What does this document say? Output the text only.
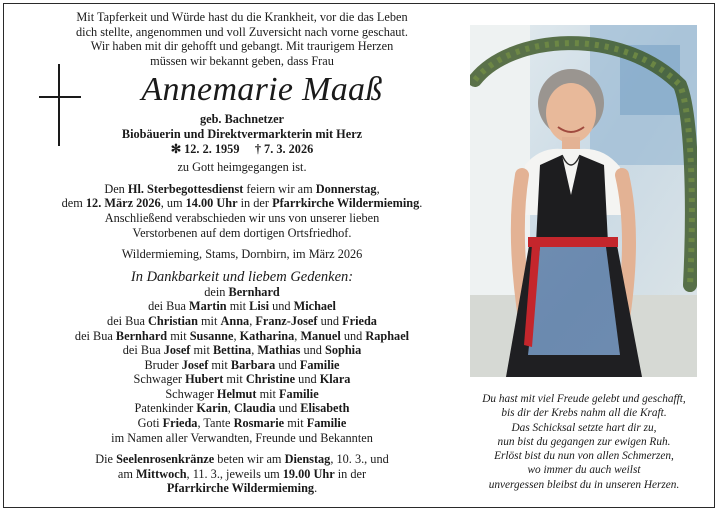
Mit Tapferkeit und Würde hast du die Krankheit, vor die das Leben

dich stellte, angenommen und voll Zuversicht nach vorne geschaut.

Wir haben mit dir gehofft und gebangt. Mit traurigem Herzen

müssen wir bekannt geben, dass Frau

Annemarie Maaß

geb. Bachnetzer

Biobäuerin und Direktvermarkterin mit Herz

✻ 12. 2. 1959     † 7. 3. 2026

zu Gott heimgegangen ist.

Den Hl. Sterbegottesdienst feiern wir am Donnerstag,

dem 12. März 2026, um 14.00 Uhr in der Pfarrkirche Wildermieming.

Anschließend verabschieden wir uns von unserer lieben

Verstorbenen auf dem dortigen Ortsfriedhof.

Wildermieming, Stams, Dornbirn, im März 2026

In Dankbarkeit und liebem Gedenken:

dein Bernhard

dei Bua Martin mit Lisi und Michael

dei Bua Christian mit Anna, Franz-Josef und Frieda

dei Bua Bernhard mit Susanne, Katharina, Manuel und Raphael

dei Bua Josef mit Bettina, Mathias und Sophia

Bruder Josef mit Barbara und Familie

Schwager Hubert mit Christine und Klara

Schwager Helmut mit Familie

Patenkinder Karin, Claudia und Elisabeth

Goti Frieda, Tante Rosmarie mit Familie

im Namen aller Verwandten, Freunde und Bekannten

Die Seelenrosenkränze beten wir am Dienstag, 10. 3., und

am Mittwoch, 11. 3., jeweils um 19.00 Uhr in der

Pfarrkirche Wildermieming.

Du hast mit viel Freude gelebt und geschafft,

bis dir der Krebs nahm all die Kraft.

Das Schicksal setzte hart dir zu,

nun bist du gegangen zur ewigen Ruh.

Erlöst bist du nun von allen Schmerzen,

wo immer du auch weilst

unvergessen bleibst du in unseren Herzen.
